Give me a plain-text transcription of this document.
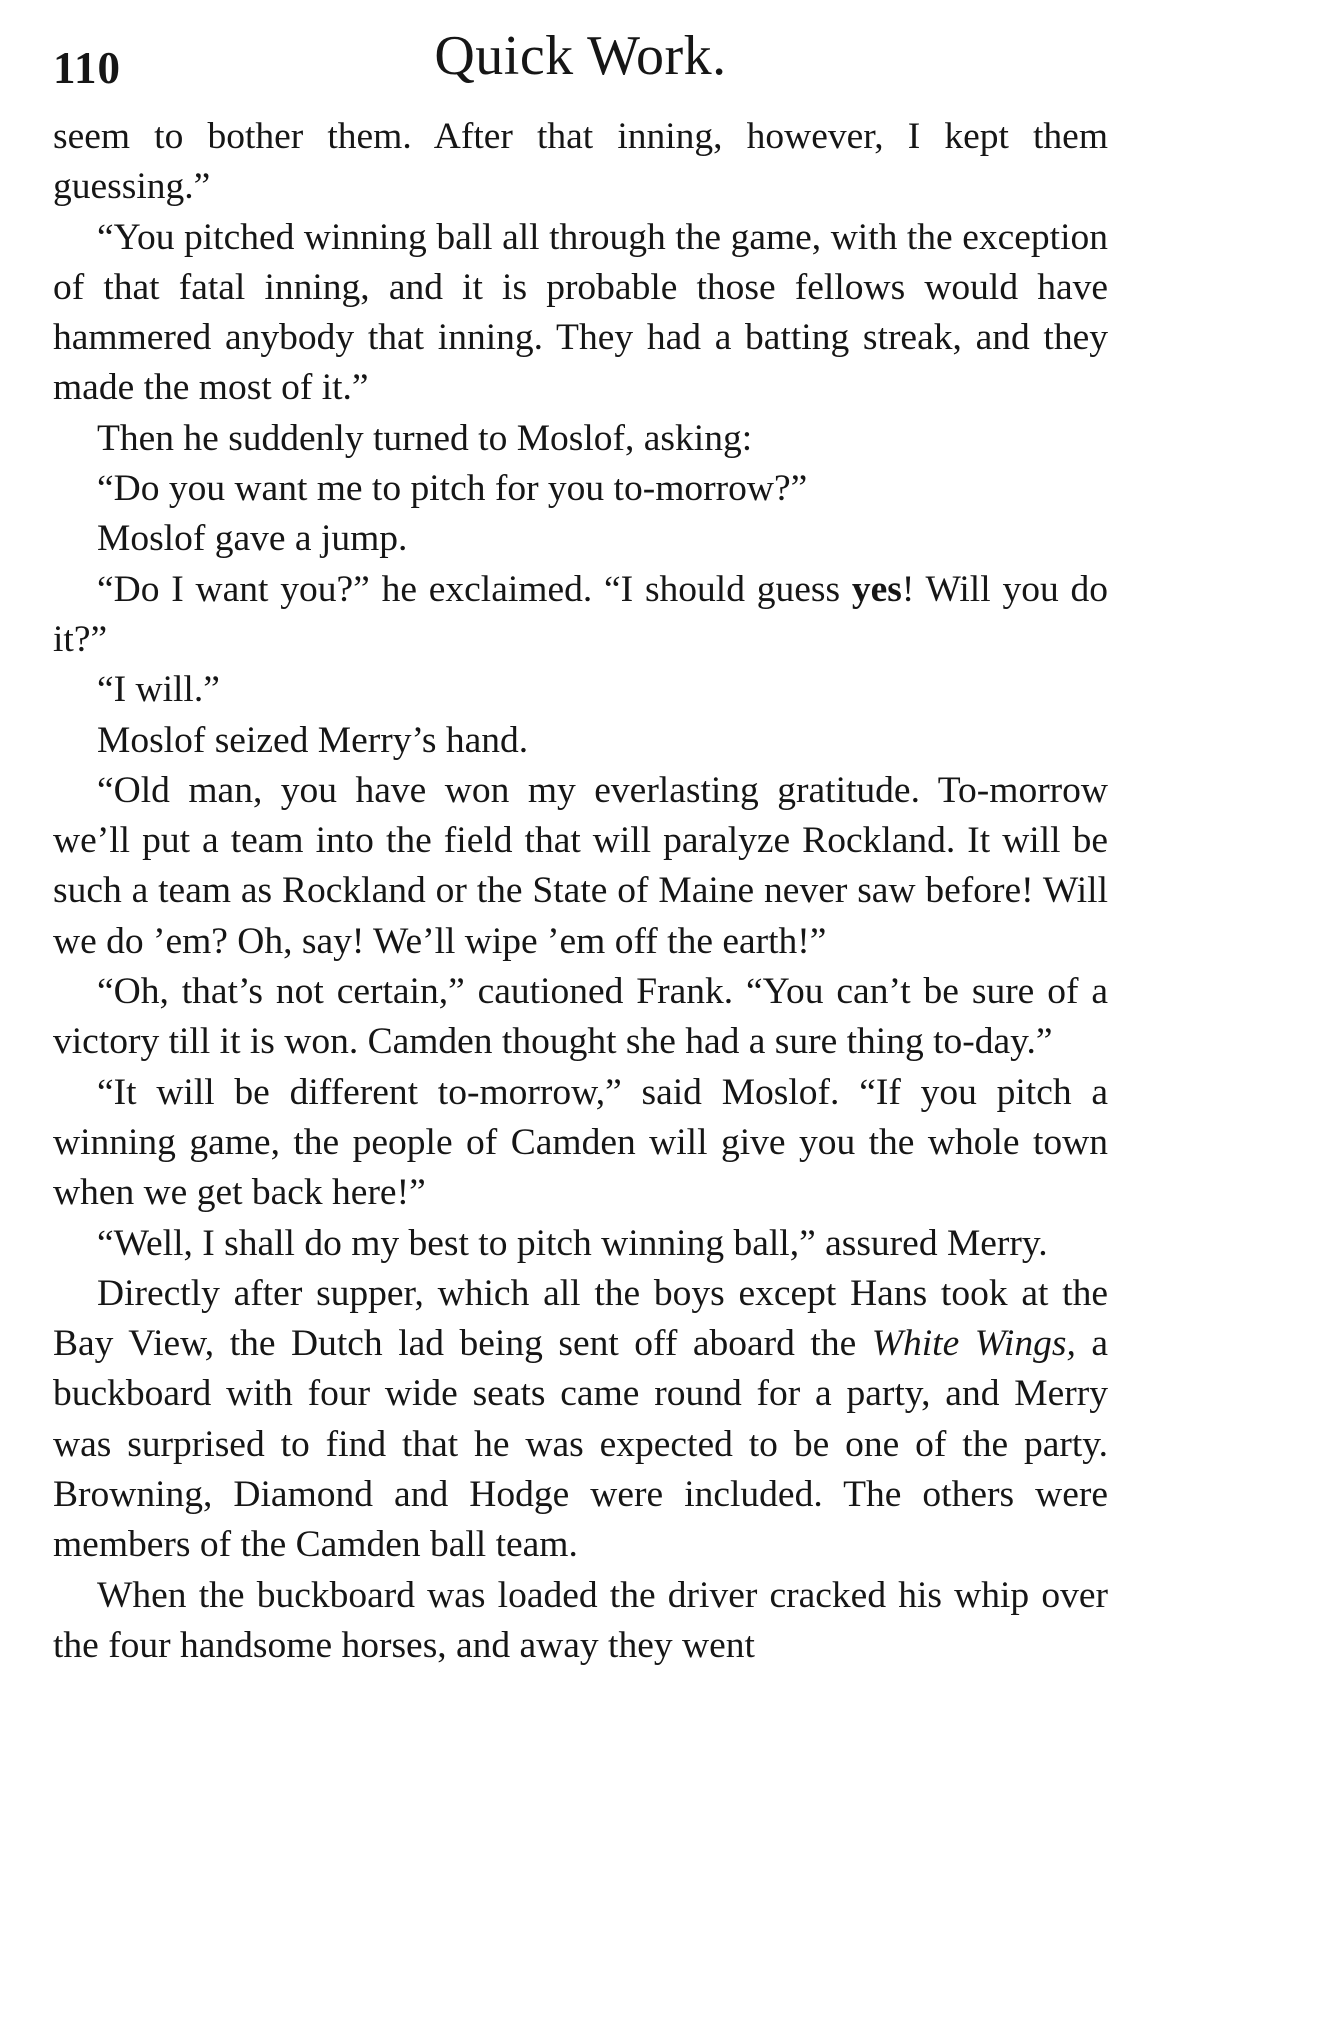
110	Quick Work.

seem to bother them. After that inning, however, I kept them guessing.”

“You pitched winning ball all through the game, with the exception of that fatal inning, and it is probable those fellows would have hammered anybody that inning. They had a batting streak, and they made the most of it.”

Then he suddenly turned to Moslof, asking:

“Do you want me to pitch for you to-morrow?”

Moslof gave a jump.

“Do I want you?” he exclaimed. “I should guess yes! Will you do it?”

“I will.”

Moslof seized Merry’s hand.

“Old man, you have won my everlasting gratitude. To-morrow we’ll put a team into the field that will paralyze Rockland. It will be such a team as Rockland or the State of Maine never saw before! Will we do ’em? Oh, say! We’ll wipe ’em off the earth!”

“Oh, that’s not certain,” cautioned Frank. “You can’t be sure of a victory till it is won. Camden thought she had a sure thing to-day.”

“It will be different to-morrow,” said Moslof. “If you pitch a winning game, the people of Camden will give you the whole town when we get back here!”

“Well, I shall do my best to pitch winning ball,” assured Merry.

Directly after supper, which all the boys except Hans took at the Bay View, the Dutch lad being sent off aboard the White Wings, a buckboard with four wide seats came round for a party, and Merry was surprised to find that he was expected to be one of the party. Browning, Diamond and Hodge were included. The others were members of the Camden ball team.

When the buckboard was loaded the driver cracked his whip over the four handsome horses, and away they went
